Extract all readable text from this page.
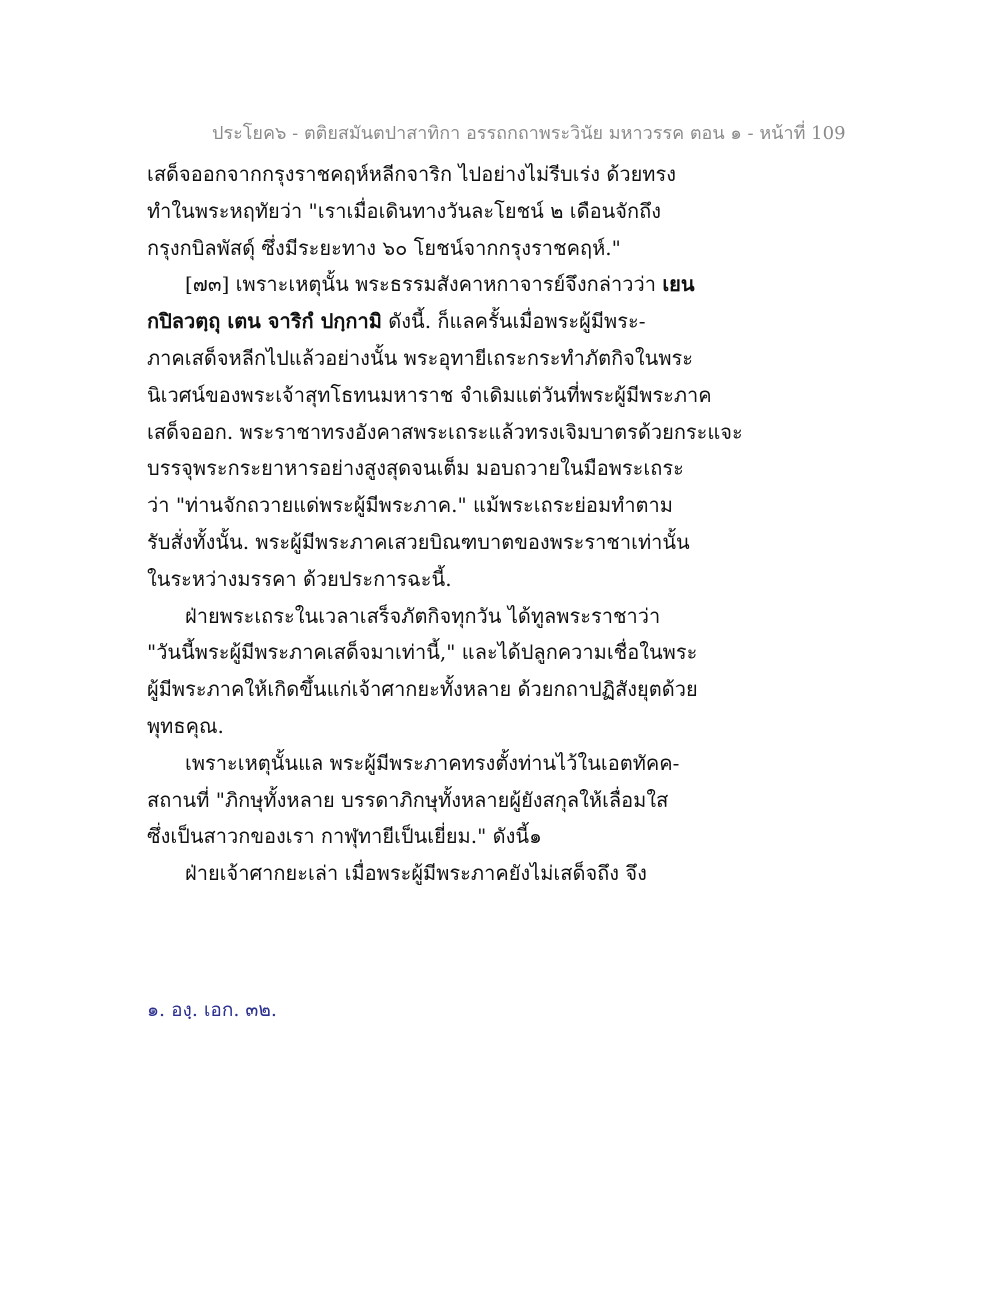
ประโยค๖ - ตติยสมันตปาสาทิกา อรรถกถาพระวินัย มหาวรรค ตอน ๑ - หน้าที่ 109
เสด็จออกจากกรุงราชคฤห์หลีกจาริก ไปอย่างไม่รีบเร่ง ด้วยทรง
ทำในพระหฤทัยว่า "เราเมื่อเดินทางวันละโยชน์ ๒ เดือนจักถึง
กรุงกบิลพัสดุ์ ซึ่งมีระยะทาง ๖๐ โยชน์จากกรุงราชคฤห์."
[๗๓] เพราะเหตุนั้น พระธรรมสังคาหกาจารย์จึงกล่าวว่า เยน
กปิลวตฺถุ เตน จาริกํ ปกฺกามิ ดังนี้. ก็แลครั้นเมื่อพระผู้มีพระ-
ภาคเสด็จหลีกไปแล้วอย่างนั้น พระอุทายีเถระกระทำภัตกิจในพระ
นิเวศน์ของพระเจ้าสุทโธทนมหาราช จำเดิมแต่วันที่พระผู้มีพระภาค
เสด็จออก. พระราชาทรงอังคาสพระเถระแล้วทรงเจิมบาตรด้วยกระแจะ
บรรจุพระกระยาหารอย่างสูงสุดจนเต็ม มอบถวายในมือพระเถระ
ว่า "ท่านจักถวายแด่พระผู้มีพระภาค." แม้พระเถระย่อมทำตาม
รับสั่งทั้งนั้น. พระผู้มีพระภาคเสวยบิณฑบาตของพระราชาเท่านั้น
ในระหว่างมรรคา ด้วยประการฉะนี้.
ฝ่ายพระเถระในเวลาเสร็จภัตกิจทุกวัน ได้ทูลพระราชาว่า
"วันนี้พระผู้มีพระภาคเสด็จมาเท่านี้," และได้ปลูกความเชื่อในพระ
ผู้มีพระภาคให้เกิดขึ้นแก่เจ้าศากยะทั้งหลาย ด้วยกถาปฏิสังยุตด้วย
พุทธคุณ.
เพราะเหตุนั้นแล พระผู้มีพระภาคทรงตั้งท่านไว้ในเอตทัคค-
สถานที่ "ภิกษุทั้งหลาย บรรดาภิกษุทั้งหลายผู้ยังสกุลให้เลื่อมใส
ซึ่งเป็นสาวกของเรา กาฬุทายีเป็นเยี่ยม." ดังนี้๑
ฝ่ายเจ้าศากยะเล่า เมื่อพระผู้มีพระภาคยังไม่เสด็จถึง จึง
๑. องฺ. เอก. ๓๒.
